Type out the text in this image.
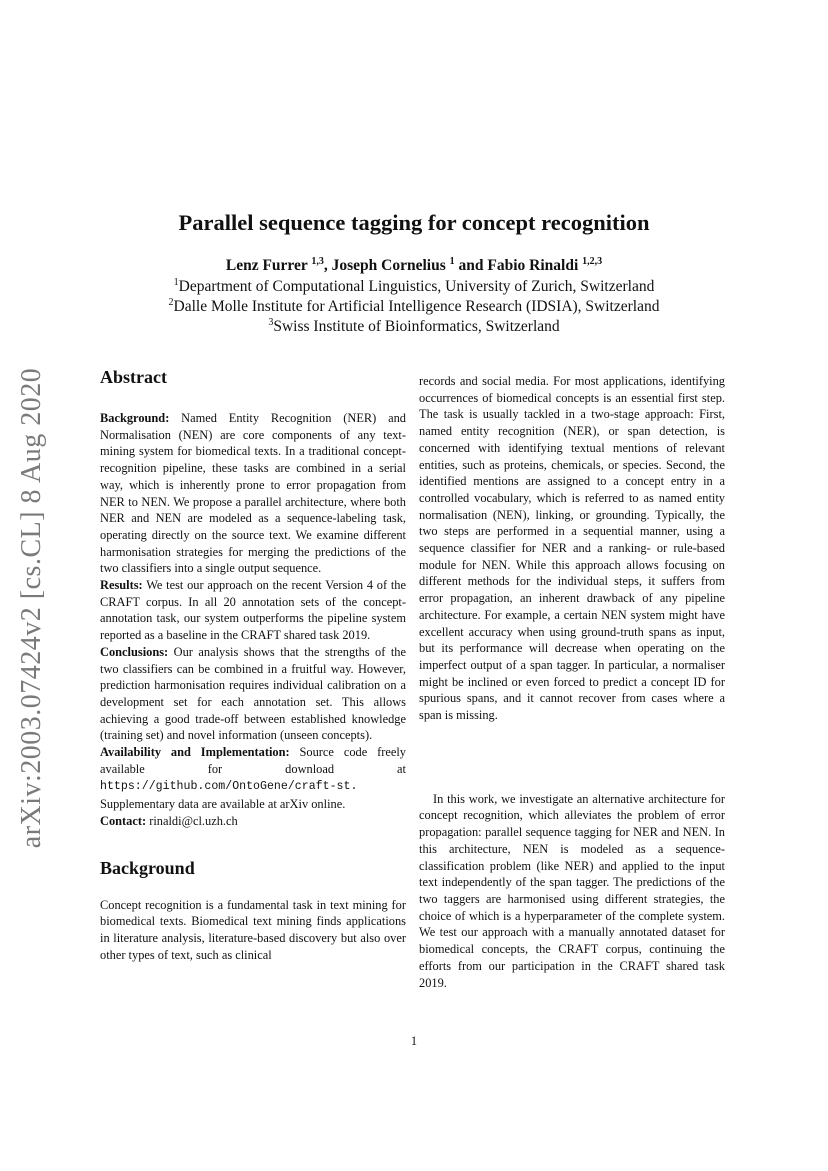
arXiv:2003.07424v2 [cs.CL] 8 Aug 2020
Parallel sequence tagging for concept recognition
Lenz Furrer $^{1,3}$, Joseph Cornelius $^1$ and Fabio Rinaldi $^{1,2,3}$
$^1$Department of Computational Linguistics, University of Zurich, Switzerland
$^2$Dalle Molle Institute for Artificial Intelligence Research (IDSIA), Switzerland
$^3$Swiss Institute of Bioinformatics, Switzerland
Abstract

Background: Named Entity Recognition (NER) and Normalisation (NEN) are core components of any text-mining system for biomedical texts. In a traditional concept-recognition pipeline, these tasks are combined in a serial way, which is inherently prone to error propagation from NER to NEN. We propose a parallel architecture, where both NER and NEN are modeled as a sequence-labeling task, operating directly on the source text. We examine different harmonisation strategies for merging the predictions of the two classifiers into a single output sequence.

Results: We test our approach on the recent Version 4 of the CRAFT corpus. In all 20 annotation sets of the concept-annotation task, our system outperforms the pipeline system reported as a baseline in the CRAFT shared task 2019.

Conclusions: Our analysis shows that the strengths of the two classifiers can be combined in a fruitful way. However, prediction harmonisation requires individual calibration on a development set for each annotation set. This allows achieving a good trade-off between established knowledge (training set) and novel information (unseen concepts).

Availability and Implementation: Source code freely available for download at https://github.com/OntoGene/craft-st. Supplementary data are available at arXiv online.

Contact: rinaldi@cl.uzh.ch

Background

Concept recognition is a fundamental task in text mining for biomedical texts. Biomedical text mining finds applications in literature analysis, literature-based discovery but also over other types of text, such as clinical

records and social media. For most applications, identifying occurrences of biomedical concepts is an essential first step. The task is usually tackled in a two-stage approach: First, named entity recognition (NER), or span detection, is concerned with identifying textual mentions of relevant entities, such as proteins, chemicals, or species. Second, the identified mentions are assigned to a concept entry in a controlled vocabulary, which is referred to as named entity normalisation (NEN), linking, or grounding. Typically, the two steps are performed in a sequential manner, using a sequence classifier for NER and a ranking- or rule-based module for NEN. While this approach allows focusing on different methods for the individual steps, it suffers from error propagation, an inherent drawback of any pipeline architecture. For example, a certain NEN system might have excellent accuracy when using ground-truth spans as input, but its performance will decrease when operating on the imperfect output of a span tagger. In particular, a normaliser might be inclined or even forced to predict a concept ID for spurious spans, and it cannot recover from cases where a span is missing.

In this work, we investigate an alternative architecture for concept recognition, which alleviates the problem of error propagation: parallel sequence tagging for NER and NEN. In this architecture, NEN is modeled as a sequence-classification problem (like NER) and applied to the input text independently of the span tagger. The predictions of the two taggers are harmonised using different strategies, the choice of which is a hyperparameter of the complete system. We test our approach with a manually annotated dataset for biomedical concepts, the CRAFT corpus, continuing the efforts from our participation in the CRAFT shared task 2019.

1
